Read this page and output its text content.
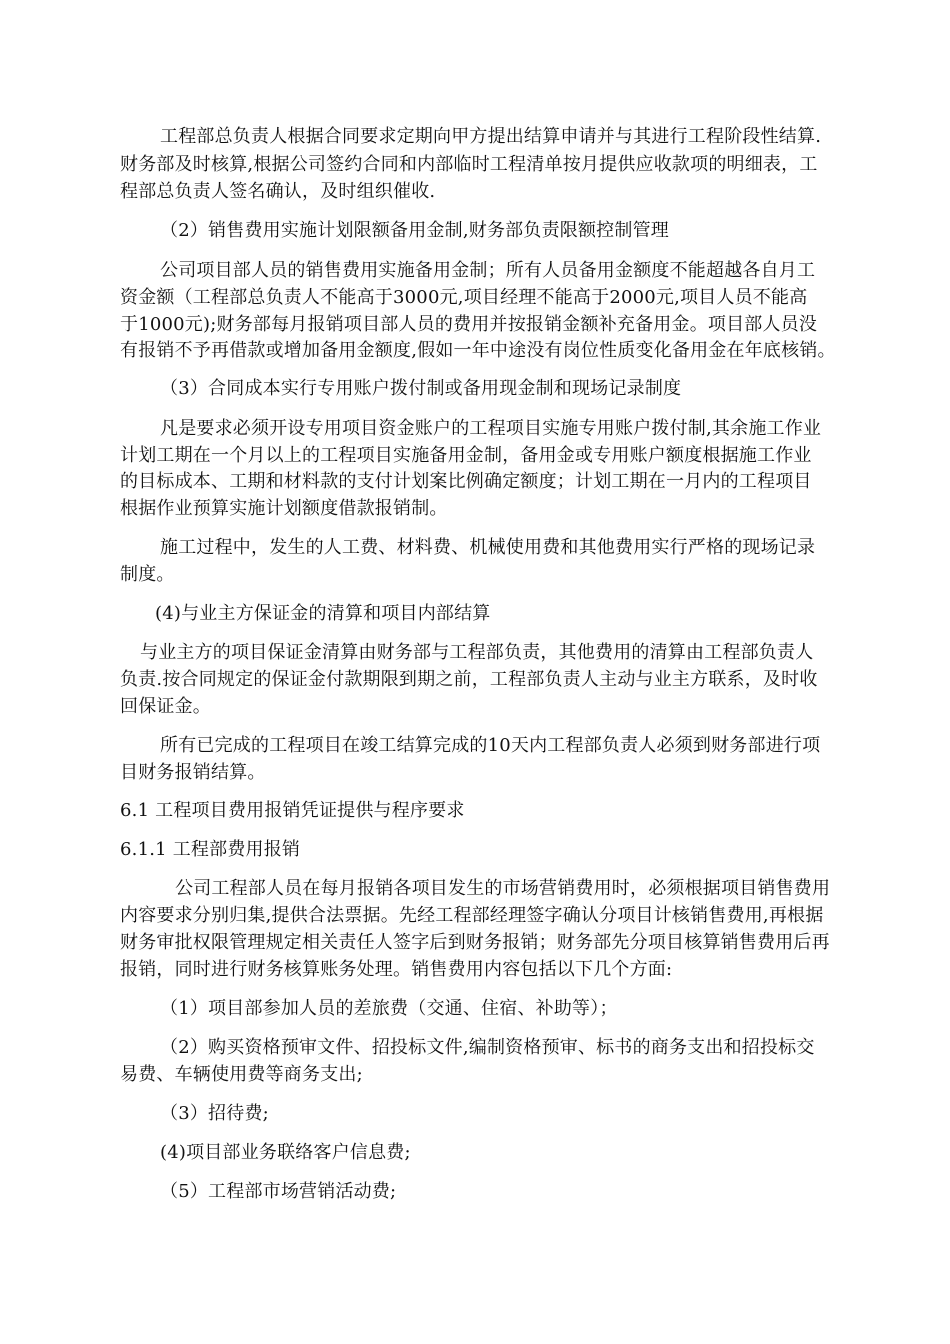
工程部总负责人根据合同要求定期向甲方提出结算申请并与其进行工程阶段性结算.
财务部及时核算,根据公司签约合同和内部临时工程清单按月提供应收款项的明细表，工
程部总负责人签名确认，及时组织催收.
（2）销售费用实施计划限额备用金制,财务部负责限额控制管理
公司项目部人员的销售费用实施备用金制；所有人员备用金额度不能超越各自月工
资金额（工程部总负责人不能高于3000元,项目经理不能高于2000元,项目人员不能高
于1000元);财务部每月报销项目部人员的费用并按报销金额补充备用金。项目部人员没
有报销不予再借款或增加备用金额度,假如一年中途没有岗位性质变化备用金在年底核销。
（3）合同成本实行专用账户拨付制或备用现金制和现场记录制度
凡是要求必须开设专用项目资金账户的工程项目实施专用账户拨付制,其余施工作业
计划工期在一个月以上的工程项目实施备用金制，备用金或专用账户额度根据施工作业
的目标成本、工期和材料款的支付计划案比例确定额度；计划工期在一月内的工程项目
根据作业预算实施计划额度借款报销制。
施工过程中，发生的人工费、材料费、机械使用费和其他费用实行严格的现场记录
制度。
(4)与业主方保证金的清算和项目内部结算
与业主方的项目保证金清算由财务部与工程部负责，其他费用的清算由工程部负责人
负责.按合同规定的保证金付款期限到期之前，工程部负责人主动与业主方联系，及时收
回保证金。
所有已完成的工程项目在竣工结算完成的10天内工程部负责人必须到财务部进行项
目财务报销结算。
6.1 工程项目费用报销凭证提供与程序要求
6.1.1 工程部费用报销
公司工程部人员在每月报销各项目发生的市场营销费用时，必须根据项目销售费用
内容要求分别归集,提供合法票据。先经工程部经理签字确认分项目计核销售费用,再根据
财务审批权限管理规定相关责任人签字后到财务报销；财务部先分项目核算销售费用后再
报销，同时进行财务核算账务处理。销售费用内容包括以下几个方面:
（1）项目部参加人员的差旅费（交通、住宿、补助等）；
（2）购买资格预审文件、招投标文件,编制资格预审、标书的商务支出和招投标交
易费、车辆使用费等商务支出;
（3）招待费;
(4)项目部业务联络客户信息费;
（5）工程部市场营销活动费;
